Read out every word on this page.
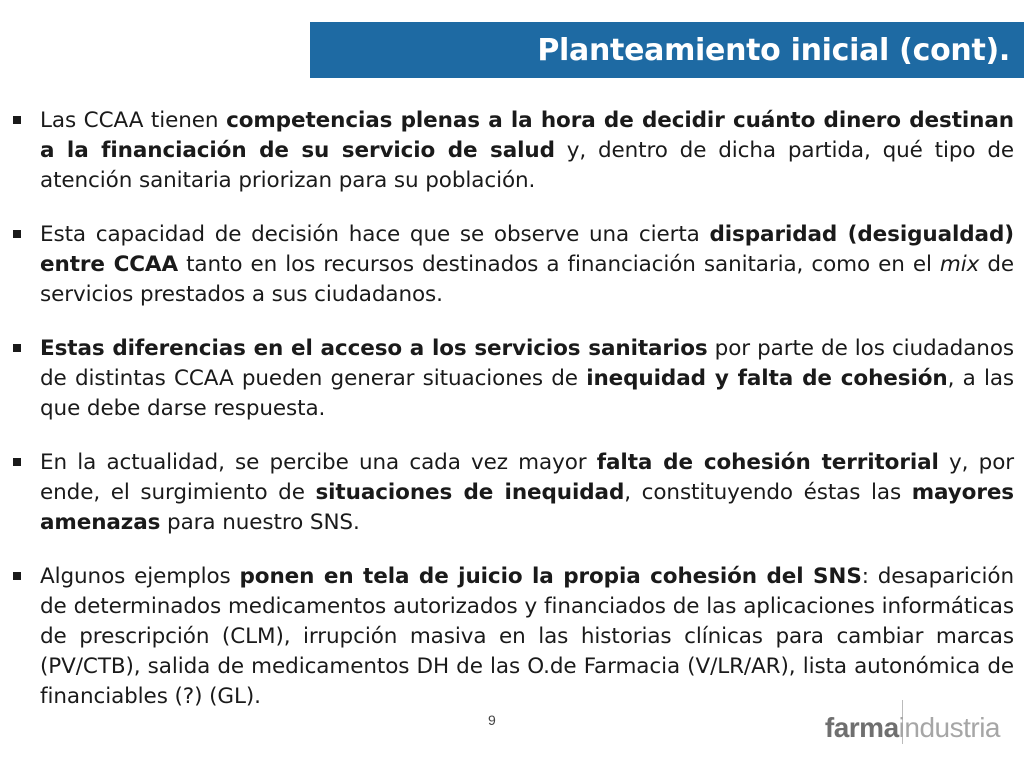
Planteamiento inicial (cont).
Las CCAA tienen competencias plenas a la hora de decidir cuánto dinero destinan a la financiación de su servicio de salud y, dentro de dicha partida, qué tipo de atención sanitaria priorizan para su población.
Esta capacidad de decisión hace que se observe una cierta disparidad (desigualdad) entre CCAA tanto en los recursos destinados a financiación sanitaria, como en el mix de servicios prestados a sus ciudadanos.
Estas diferencias en el acceso a los servicios sanitarios por parte de los ciudadanos de distintas CCAA pueden generar situaciones de inequidad y falta de cohesión, a las que debe darse respuesta.
En la actualidad, se percibe una cada vez mayor falta de cohesión territorial y, por ende, el surgimiento de situaciones de inequidad, constituyendo éstas las mayores amenazas para nuestro SNS.
Algunos ejemplos ponen en tela de juicio la propia cohesión del SNS: desaparición de determinados medicamentos autorizados y financiados de las aplicaciones informáticas de prescripción (CLM), irrupción masiva en las historias clínicas para cambiar marcas (PV/CTB), salida de medicamentos DH de las O.de Farmacia (V/LR/AR), lista autonómica de financiables (?) (GL).
9	farmaindustria
